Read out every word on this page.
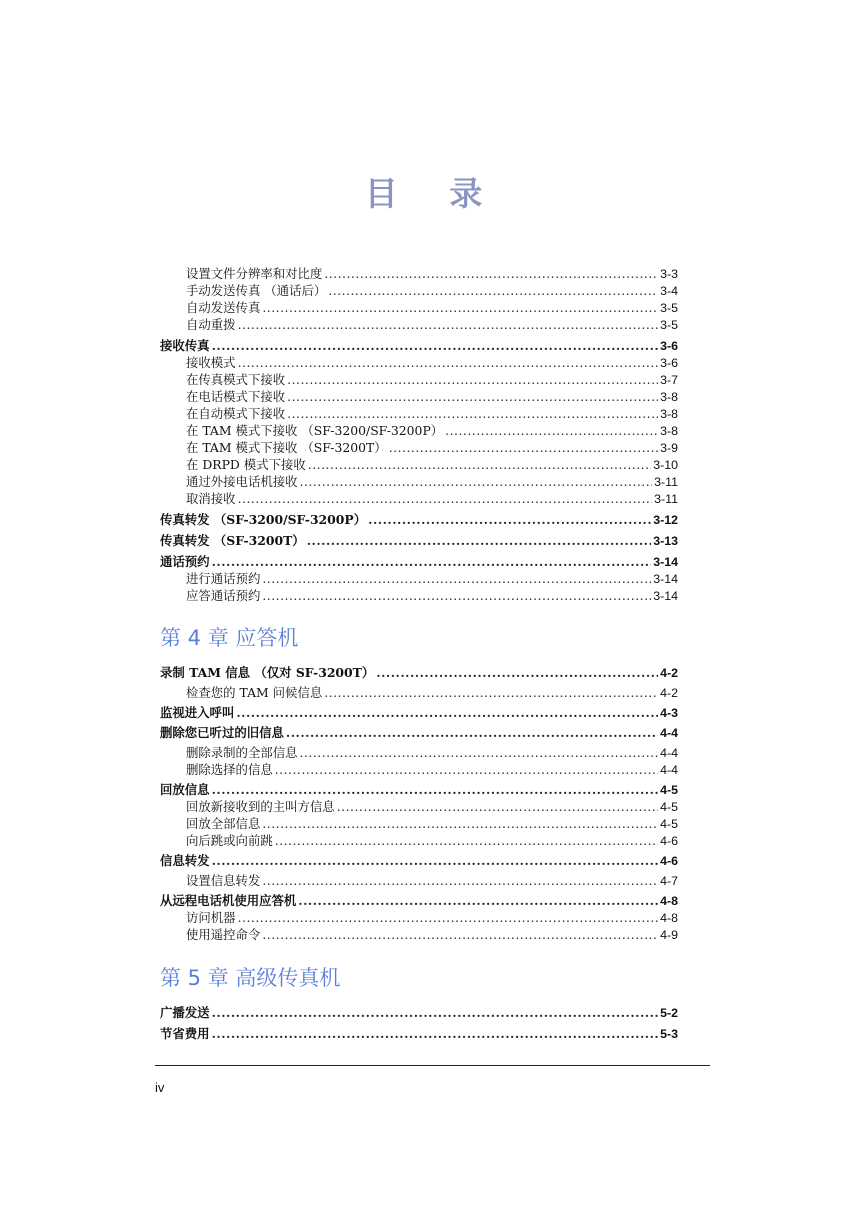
目 录
设置文件分辨率和对比度 .....	3-3
手动发送传真 （通话后） .....	3-4
自动发送传真 .....	3-5
自动重拨 .....	3-5
接收传真 .....	3-6
接收模式 .....	3-6
在传真模式下接收 .....	3-7
在电话模式下接收 .....	3-8
在自动模式下接收 .....	3-8
在 TAM 模式下接收 （SF-3200/SF-3200P） .....	3-8
在 TAM 模式下接收 （SF-3200T） .....	3-9
在 DRPD 模式下接收 .....	3-10
通过外接电话机接收 .....	3-11
取消接收 .....	3-11
传真转发 （SF-3200/SF-3200P） .....	3-12
传真转发 （SF-3200T） .....	3-13
通话预约 .....	3-14
进行通话预约 .....	3-14
应答通话预约 .....	3-14
第 4 章 应答机
录制 TAM 信息 （仅对 SF-3200T） .....	4-2
检查您的 TAM 问候信息 .....	4-2
监视进入呼叫 .....	4-3
删除您已听过的旧信息 .....	4-4
删除录制的全部信息 .....	4-4
删除选择的信息 .....	4-4
回放信息 .....	4-5
回放新接收到的主叫方信息 .....	4-5
回放全部信息 .....	4-5
向后跳或向前跳 .....	4-6
信息转发 .....	4-6
设置信息转发 .....	4-7
从远程电话机使用应答机 .....	4-8
访问机器 .....	4-8
使用遥控命令 .....	4-9
第 5 章 高级传真机
广播发送 .....	5-2
节省费用 .....	5-3
iv
